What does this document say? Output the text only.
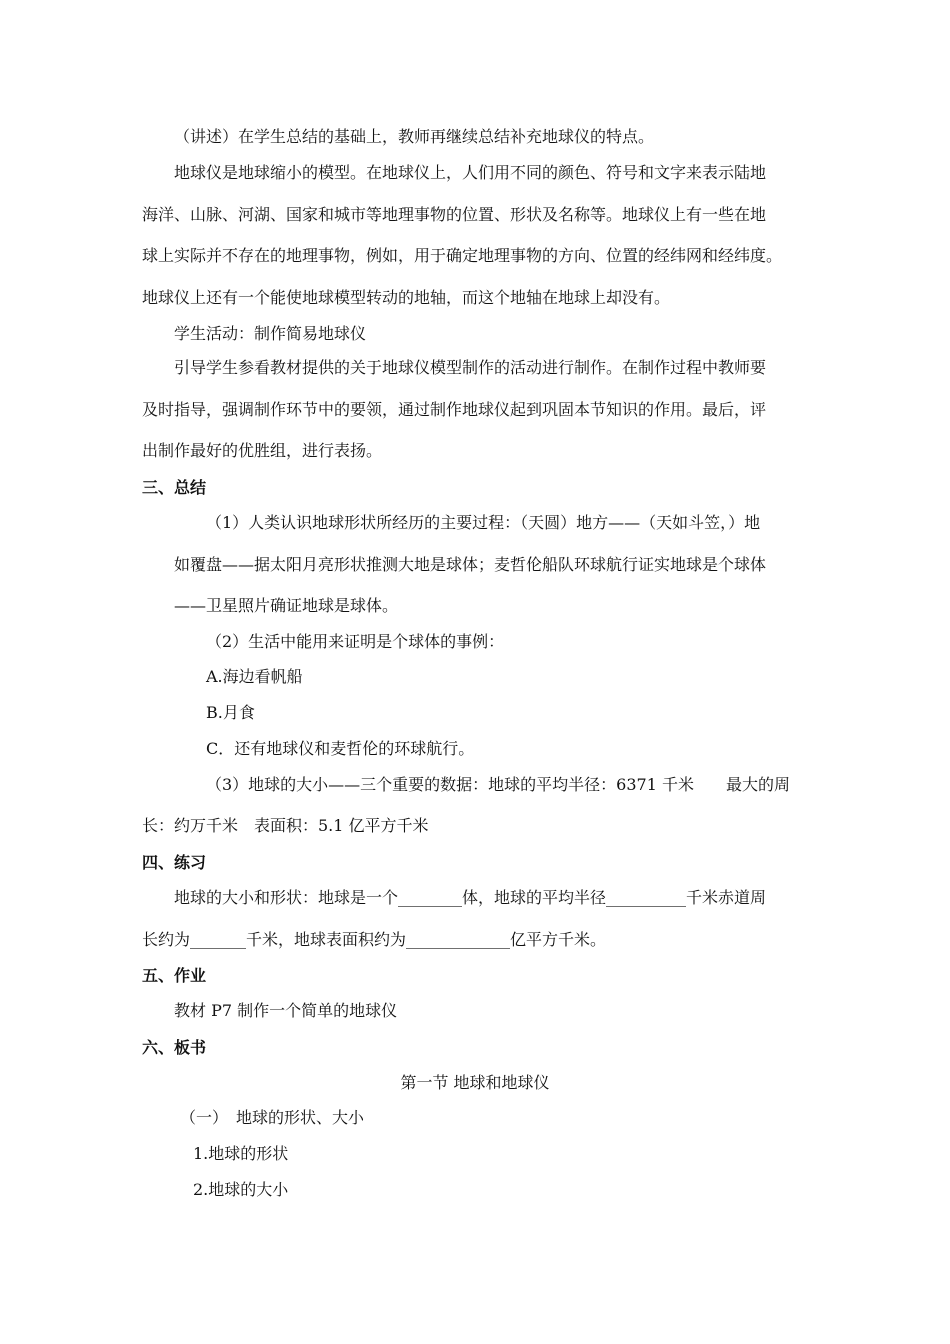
（讲述）在学生总结的基础上，教师再继续总结补充地球仪的特点。
地球仪是地球缩小的模型。在地球仪上，人们用不同的颜色、符号和文字来表示陆地
海洋、山脉、河湖、国家和城市等地理事物的位置、形状及名称等。地球仪上有一些在地
球上实际并不存在的地理事物，例如，用于确定地理事物的方向、位置的经纬网和经纬度。
地球仪上还有一个能使地球模型转动的地轴，而这个地轴在地球上却没有。
学生活动：制作简易地球仪
引导学生参看教材提供的关于地球仪模型制作的活动进行制作。在制作过程中教师要
及时指导，强调制作环节中的要领，通过制作地球仪起到巩固本节知识的作用。最后，评
出制作最好的优胜组，进行表扬。
三、总结
（1）人类认识地球形状所经历的主要过程：（天圆）地方——（天如斗笠，）地
如覆盘——据太阳月亮形状推测大地是球体；麦哲伦船队环球航行证实地球是个球体
——卫星照片确证地球是球体。
（2）生活中能用来证明是个球体的事例：
A.海边看帆船
B.月食
C．还有地球仪和麦哲伦的环球航行。
（3）地球的大小——三个重要的数据：地球的平均半径：6371 千米　　最大的周
长：约万千米　表面积：5.1 亿平方千米
四、练习
地球的大小和形状：地球是一个________体，地球的平均半径__________千米赤道周
长约为_______千米，地球表面积约为_____________亿平方千米。
五、作业
教材 P7 制作一个简单的地球仪
六、板书
第一节 地球和地球仪
（一）　地球的形状、大小
1.地球的形状
2.地球的大小
